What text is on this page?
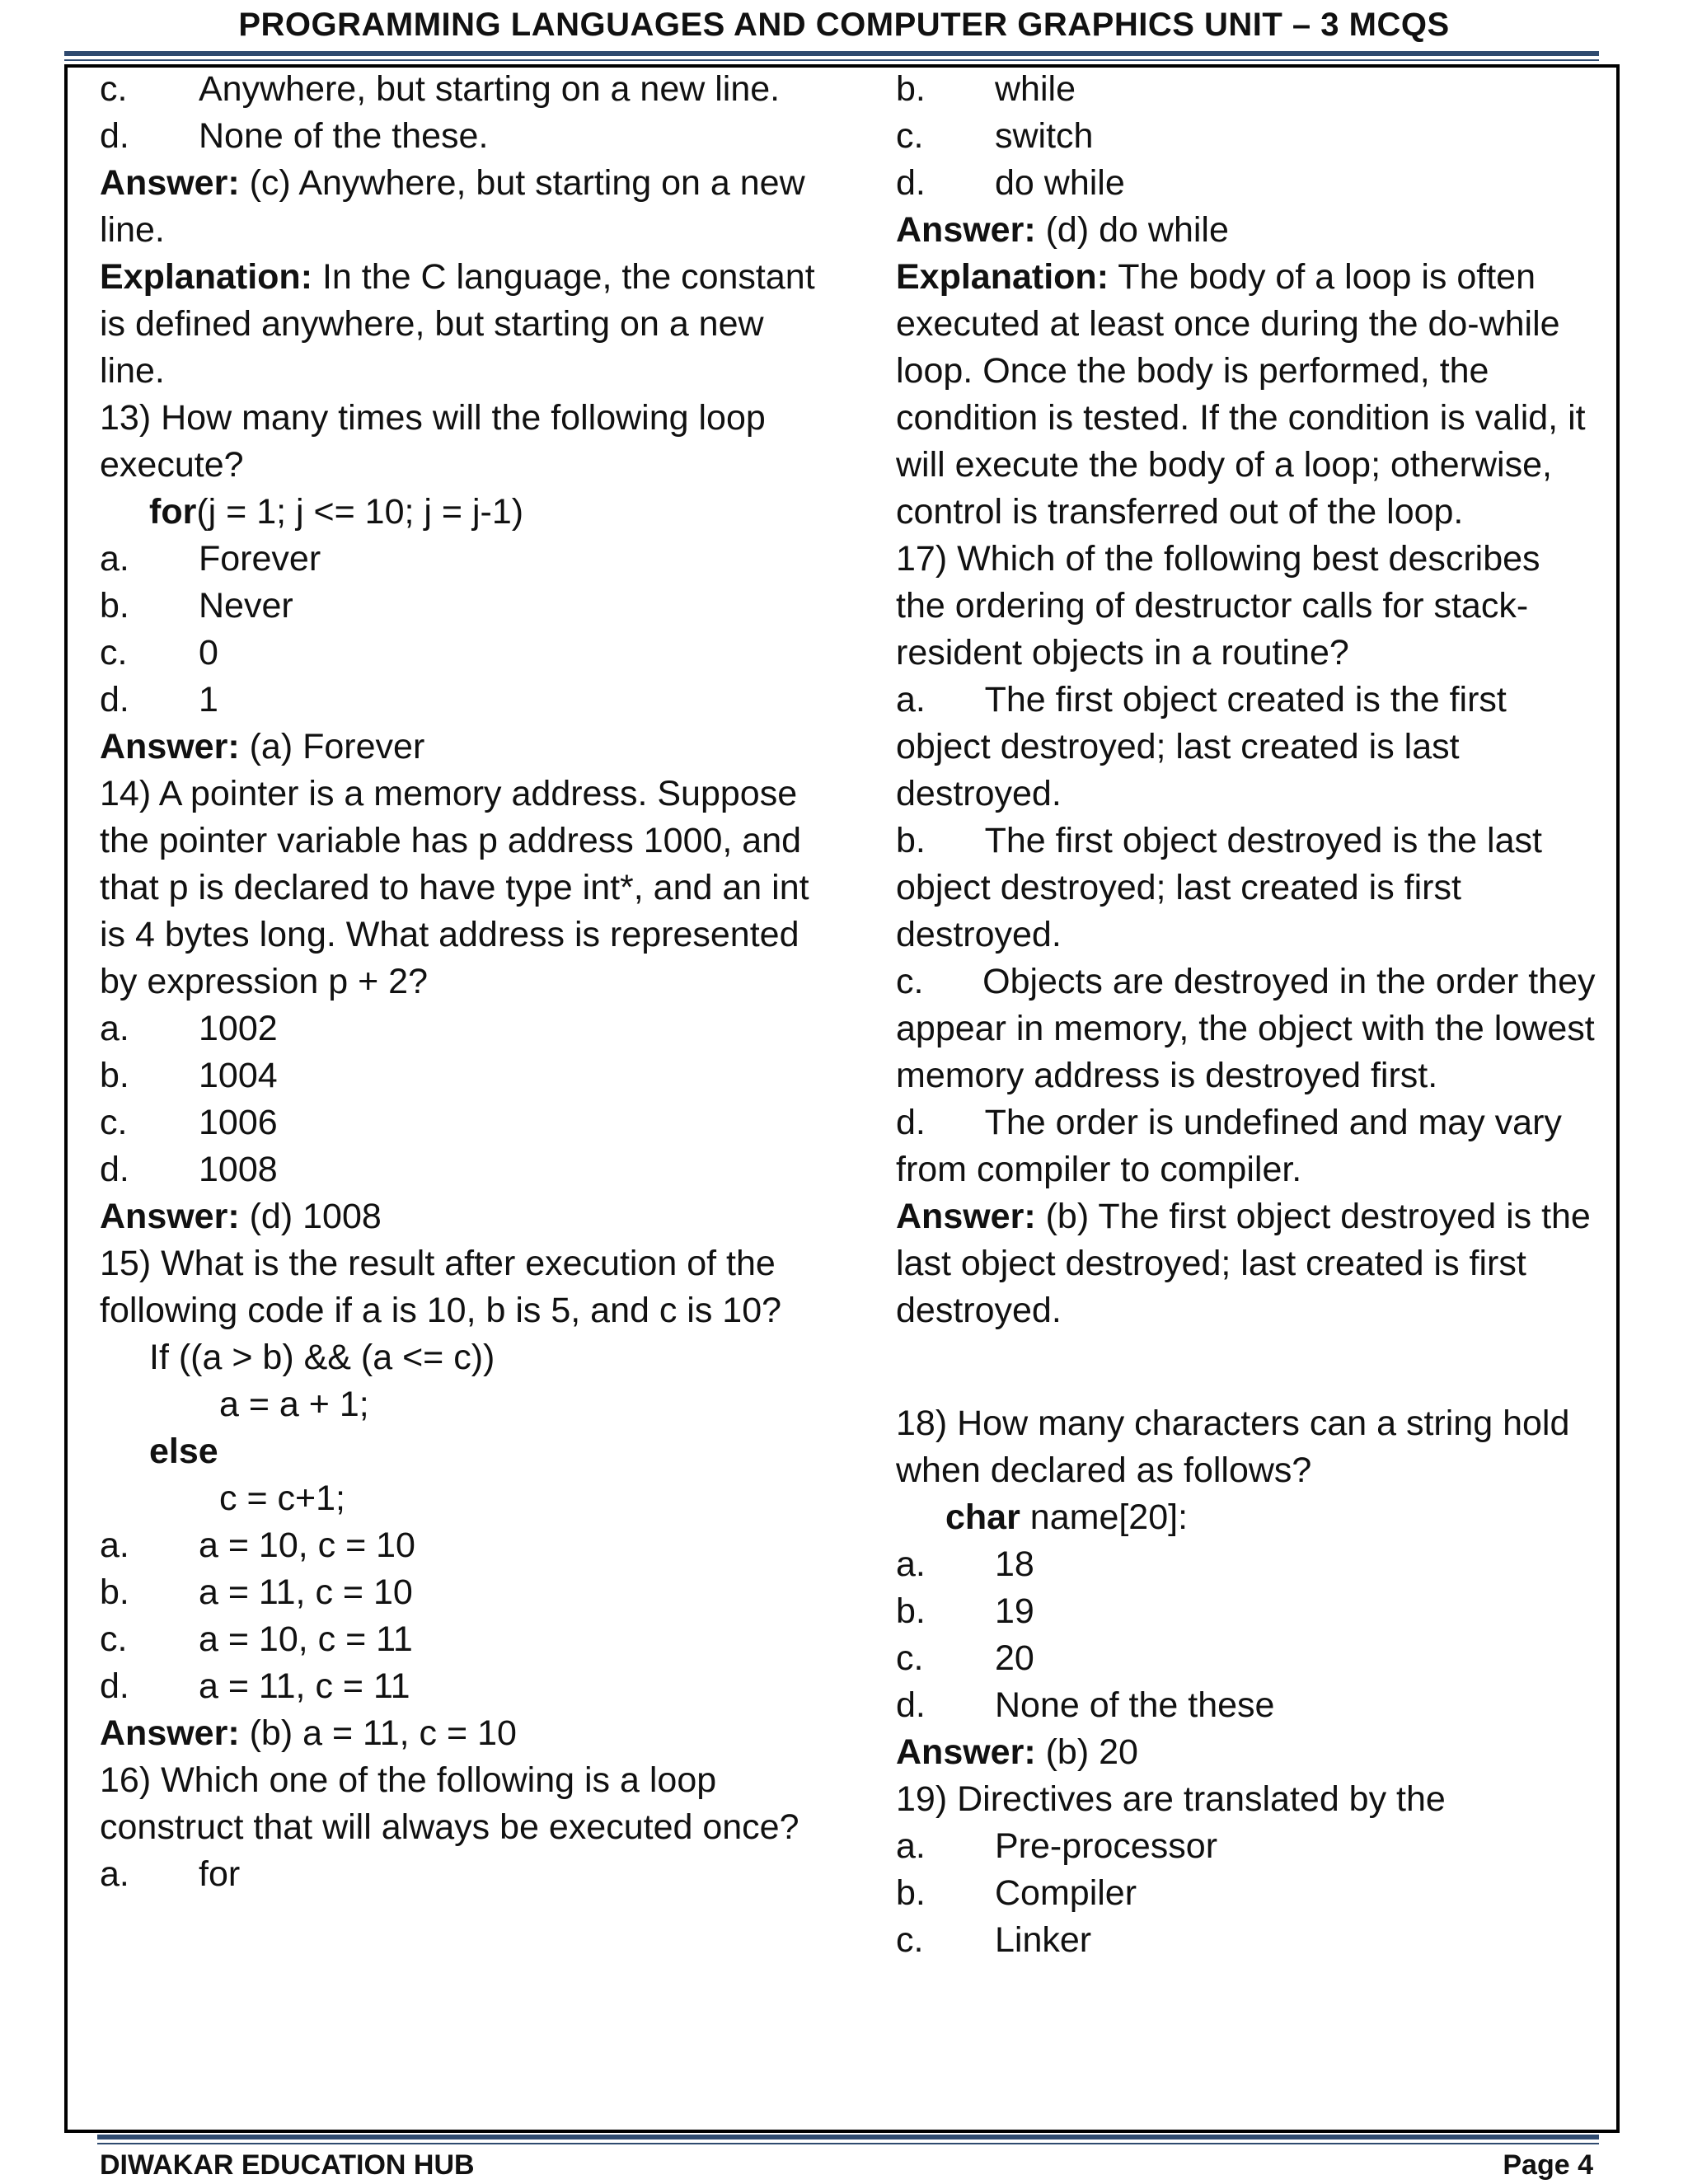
PROGRAMMING LANGUAGES AND COMPUTER GRAPHICS UNIT – 3 MCQS
c.	Anywhere, but starting on a new line.
d.	None of the these.
Answer: (c) Anywhere, but starting on a new line.
Explanation: In the C language, the constant is defined anywhere, but starting on a new line.
13) How many times will the following loop execute?
for(j = 1; j <= 10; j = j-1)
a.	Forever
b.	Never
c.	0
d.	1
Answer: (a) Forever
14) A pointer is a memory address. Suppose the pointer variable has p address 1000, and that p is declared to have type int*, and an int is 4 bytes long. What address is represented by expression p + 2?
a.	1002
b.	1004
c.	1006
d.	1008
Answer: (d) 1008
15) What is the result after execution of the following code if a is 10, b is 5, and c is 10?
If ((a > b) && (a <= c))
a = a + 1;
else
c = c+1;
a.	a = 10, c = 10
b.	a = 11, c = 10
c.	a = 10, c = 11
d.	a = 11, c = 11
Answer: (b) a = 11, c = 10
16) Which one of the following is a loop construct that will always be executed once?
a.	for
b.	while
c.	switch
d.	do while
Answer: (d) do while
Explanation: The body of a loop is often executed at least once during the do-while loop. Once the body is performed, the condition is tested. If the condition is valid, it will execute the body of a loop; otherwise, control is transferred out of the loop.
17) Which of the following best describes the ordering of destructor calls for stack-resident objects in a routine?
a. The first object created is the first object destroyed; last created is last destroyed.
b. The first object destroyed is the last object destroyed; last created is first destroyed.
c. Objects are destroyed in the order they appear in memory, the object with the lowest memory address is destroyed first.
d. The order is undefined and may vary from compiler to compiler.
Answer: (b) The first object destroyed is the last object destroyed; last created is first destroyed.
18) How many characters can a string hold when declared as follows?
char name[20]:
a.	18
b.	19
c.	20
d.	None of the these
Answer: (b) 20
19) Directives are translated by the
a.	Pre-processor
b.	Compiler
c.	Linker
DIWAKAR EDUCATION HUB	Page 4
